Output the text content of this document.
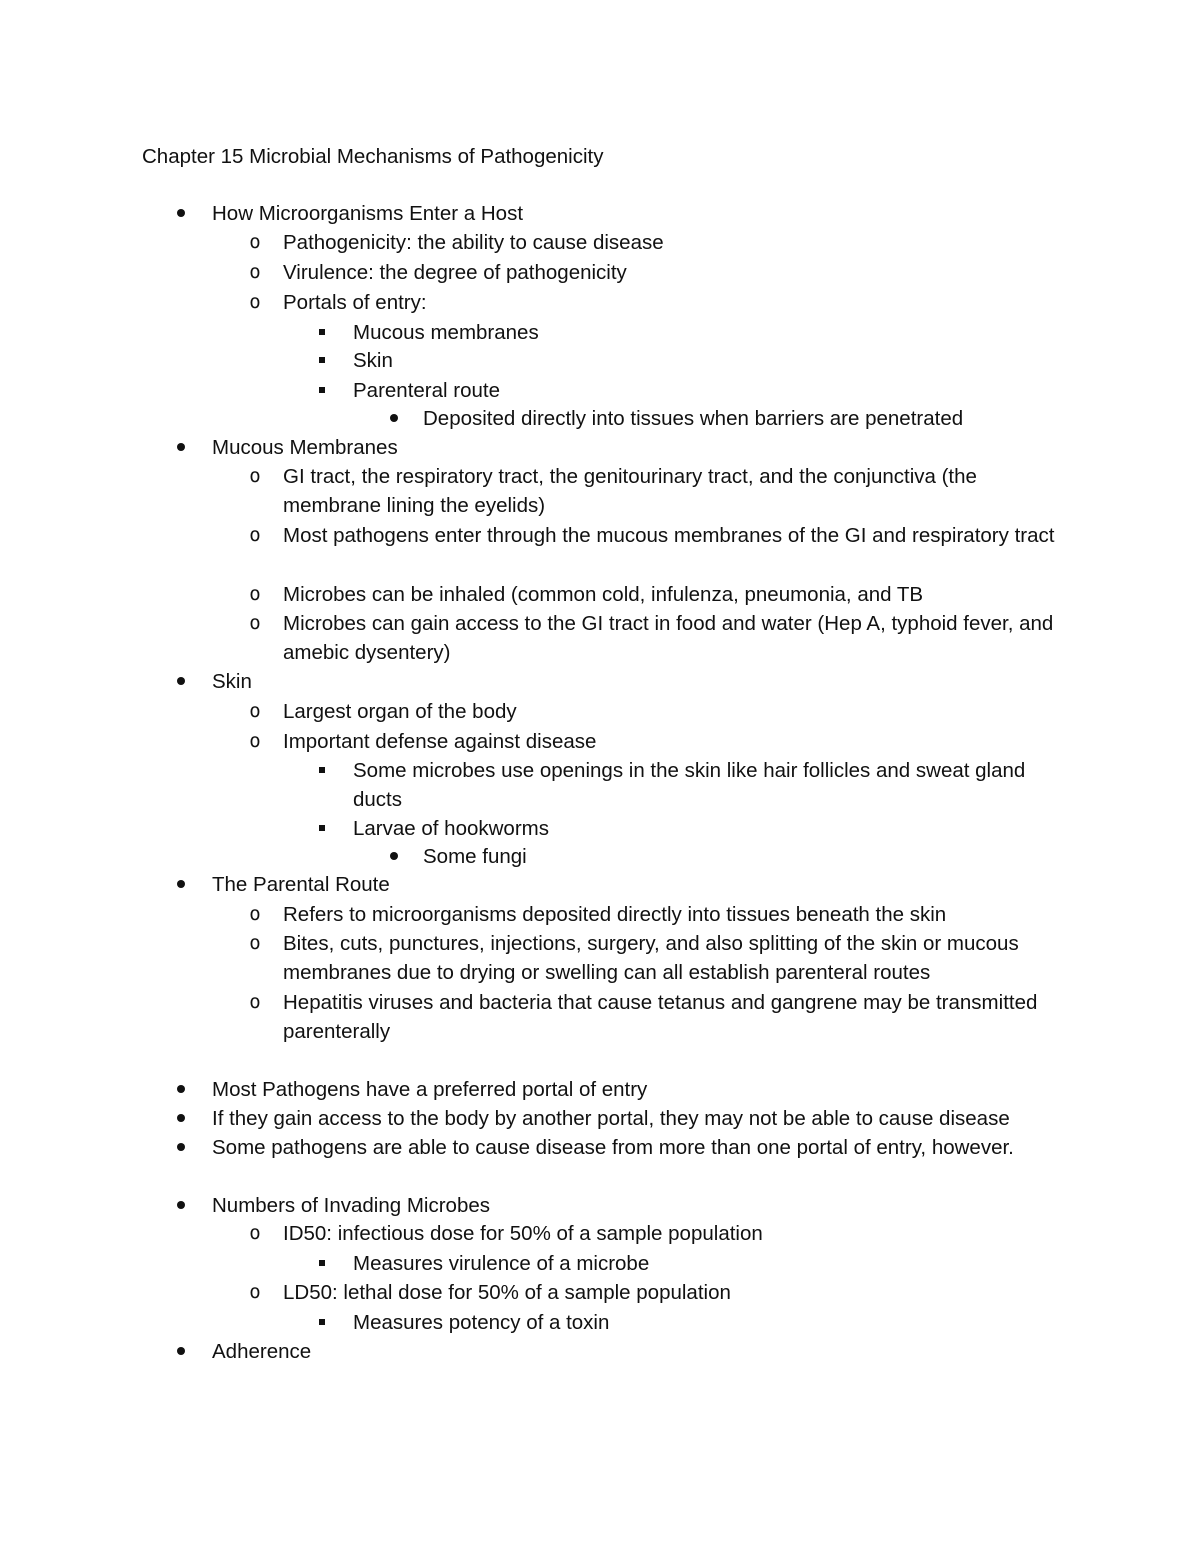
Chapter 15 Microbial Mechanisms of Pathogenicity
How Microorganisms Enter a Host
o Pathogenicity: the ability to cause disease
o Virulence: the degree of pathogenicity
o Portals of entry:
Mucous membranes
Skin
Parenteral route
Deposited directly into tissues when barriers are penetrated
Mucous Membranes
o GI tract, the respiratory tract, the genitourinary tract, and the conjunctiva (the membrane lining the eyelids)
o Most pathogens enter through the mucous membranes of the GI and respiratory tract
o Microbes can be inhaled (common cold, infulenza, pneumonia, and TB
o Microbes can gain access to the GI tract in food and water (Hep A, typhoid fever, and amebic dysentery)
Skin
o Largest organ of the body
o Important defense against disease
Some microbes use openings in the skin like hair follicles and sweat gland ducts
Larvae of hookworms
Some fungi
The Parental Route
o Refers to microorganisms deposited directly into tissues beneath the skin
o Bites, cuts, punctures, injections, surgery, and also splitting of the skin or mucous membranes due to drying or swelling can all establish parenteral routes
o Hepatitis viruses and bacteria that cause tetanus and gangrene may be transmitted parenterally
Most Pathogens have a preferred portal of entry
If they gain access to the body by another portal, they may not be able to cause disease
Some pathogens are able to cause disease from more than one portal of entry, however.
Numbers of Invading Microbes
o ID50: infectious dose for 50% of a sample population
Measures virulence of a microbe
o LD50: lethal dose for 50% of a sample population
Measures potency of a toxin
Adherence
